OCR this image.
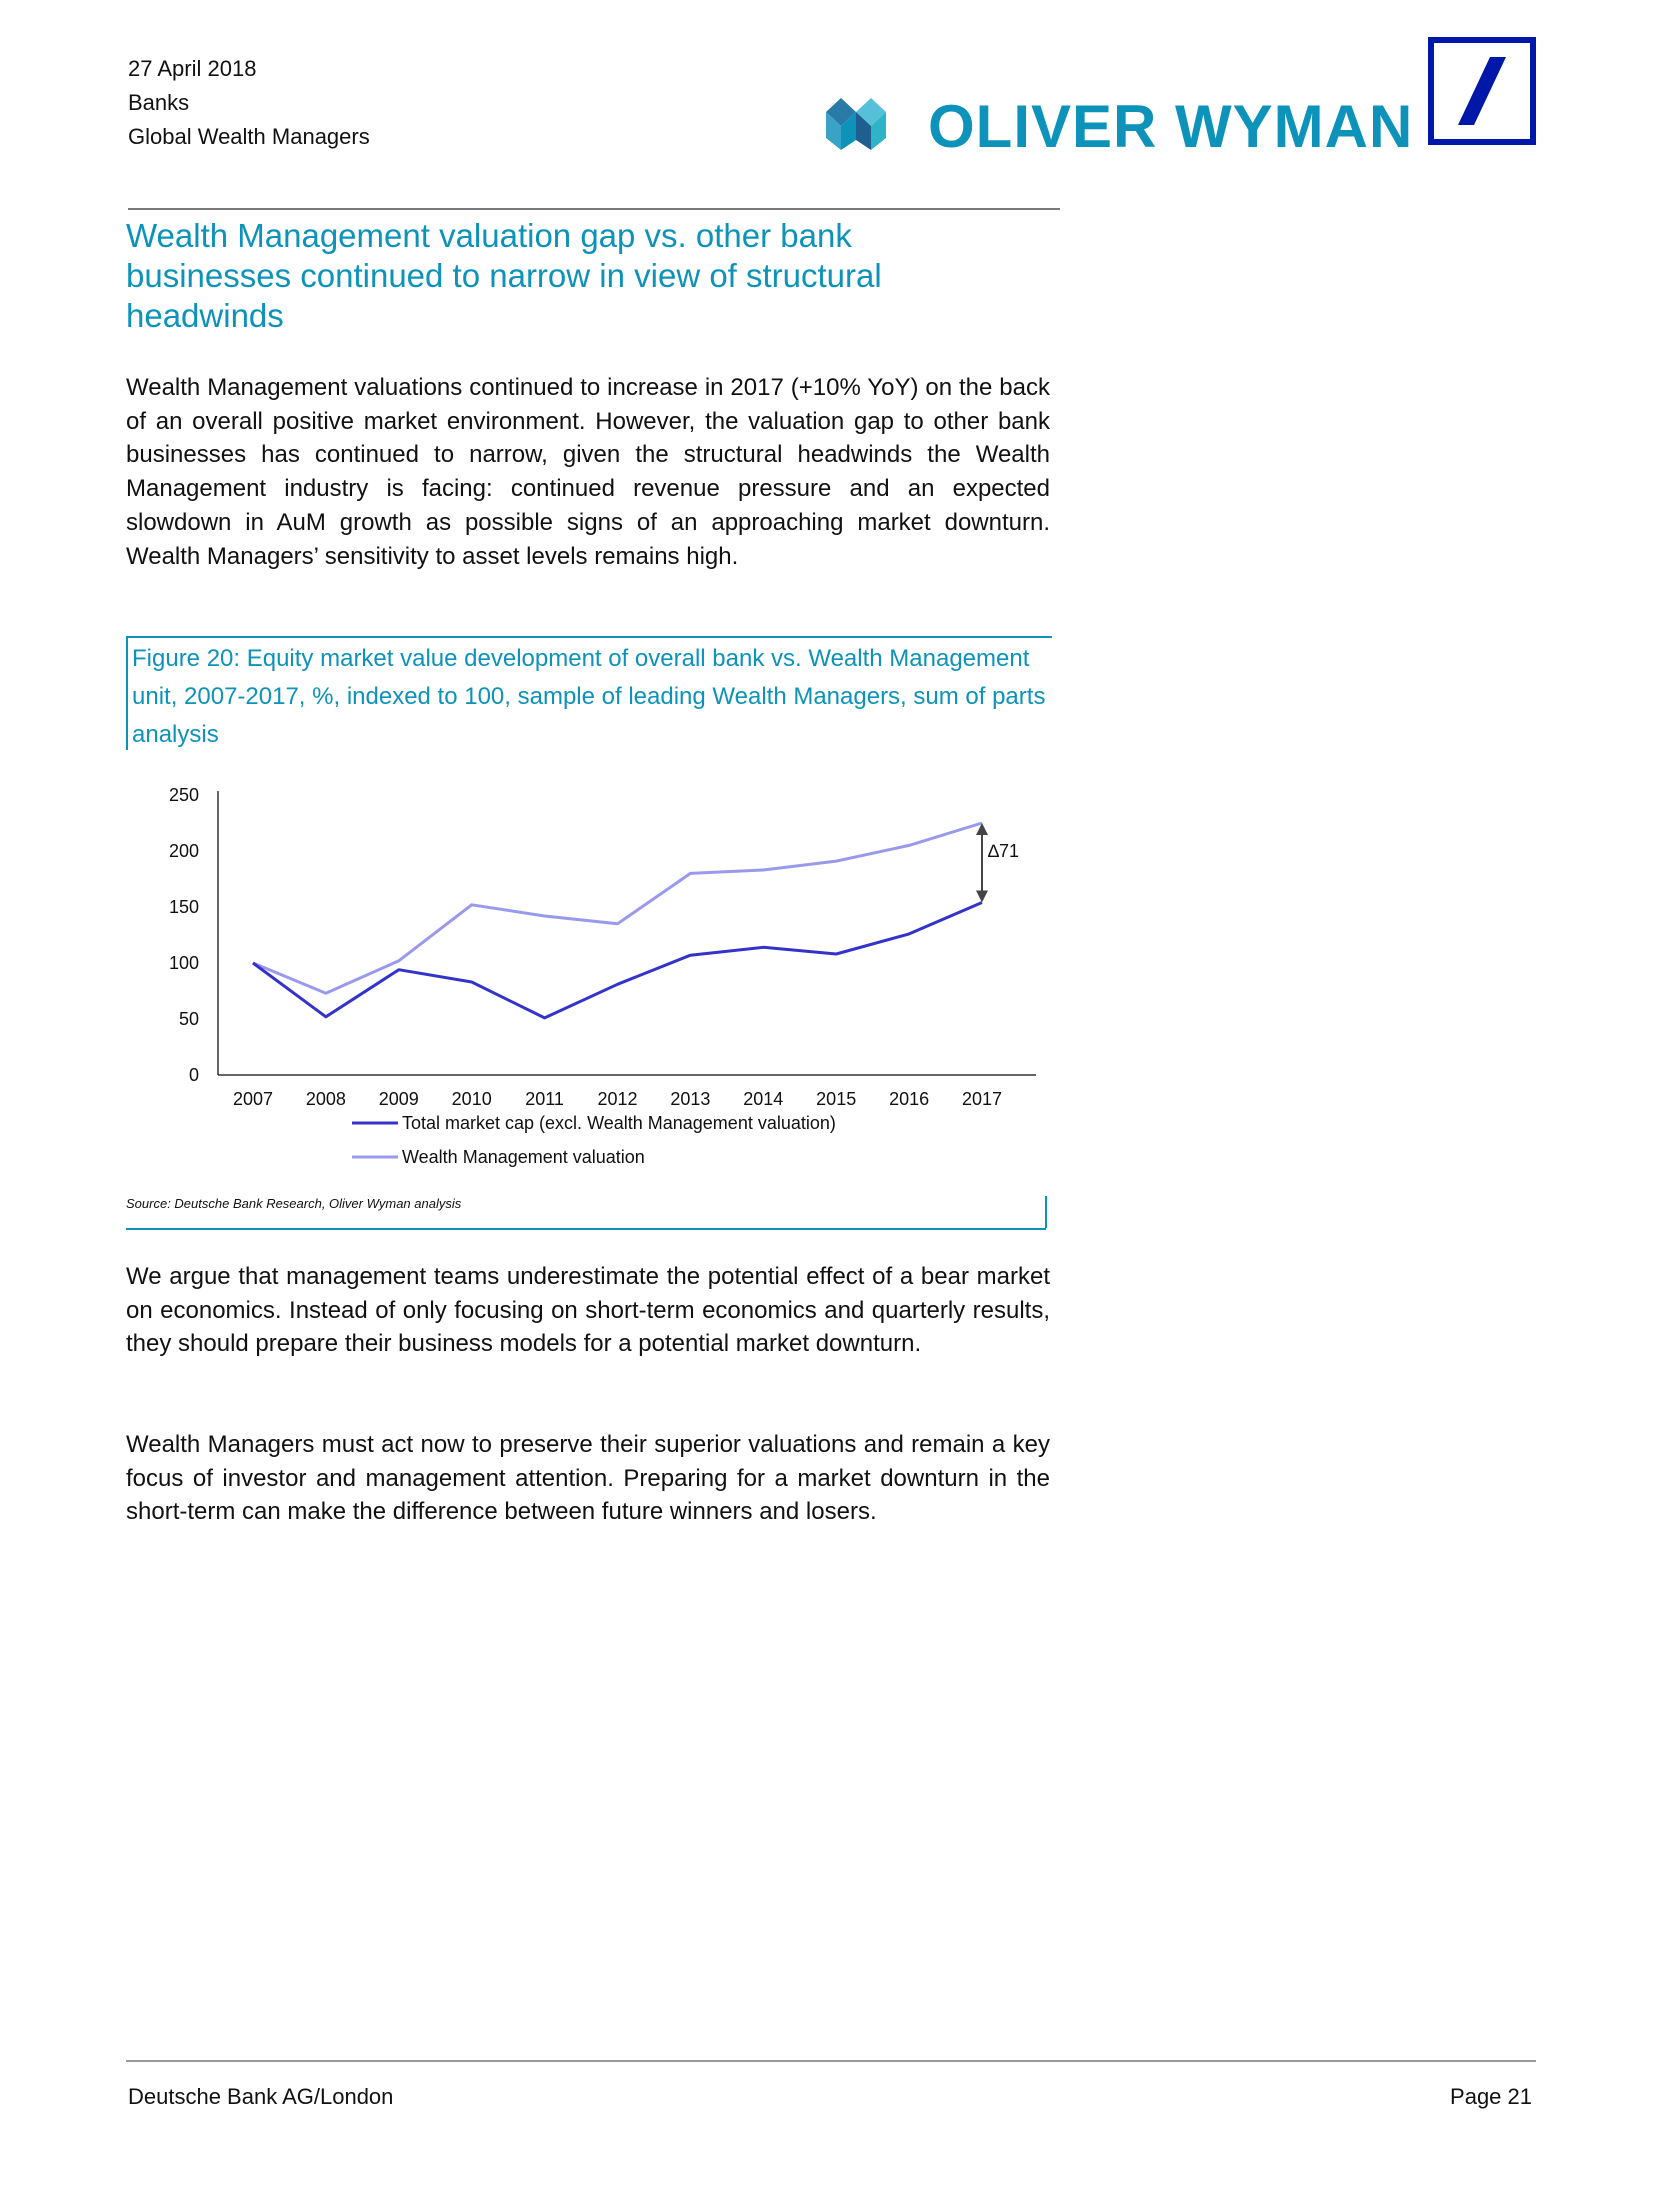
27 April 2018
Banks
Global Wealth Managers	OLIVER WYMAN
Wealth Management valuation gap vs. other bank businesses continued to narrow in view of structural headwinds
Wealth Management valuations continued to increase in 2017 (+10% YoY) on the back of an overall positive market environment. However, the valuation gap to other bank businesses has continued to narrow, given the structural headwinds the Wealth Management industry is facing: continued revenue pressure and an expected slowdown in AuM growth as possible signs of an approaching market downturn. Wealth Managers’ sensitivity to asset levels remains high.
Figure 20: Equity market value development of overall bank vs. Wealth Management unit, 2007-2017, %, indexed to 100, sample of leading Wealth Managers, sum of parts analysis
0
50
100
150
200
250
2007 2008 2009 2010 2011 2012 2013 2014 2015 2016 2017
∆71
Total market cap (excl. Wealth Management valuation)
Wealth Management valuation
Source: Deutsche Bank Research, Oliver Wyman analysis
We argue that management teams underestimate the potential effect of a bear market on economics. Instead of only focusing on short-term economics and quarterly results, they should prepare their business models for a potential market downturn.
Wealth Managers must act now to preserve their superior valuations and remain a key focus of investor and management attention. Preparing for a market downturn in the short-term can make the difference between future winners and losers.
Deutsche Bank AG/London	Page 21
